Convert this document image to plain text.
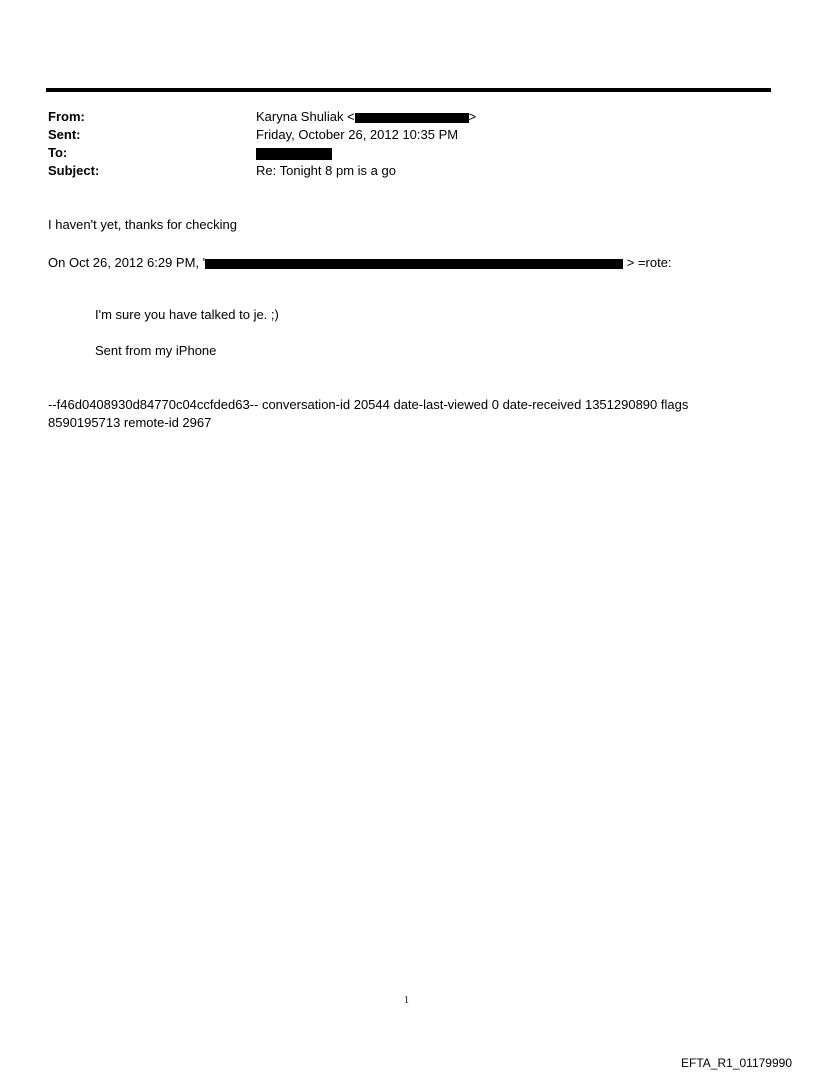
From:	Karyna Shuliak <	>
Sent:	Friday, October 26, 2012 10:35 PM
To:
Subject:	Re: Tonight 8 pm is a go
I haven't yet, thanks for checking
On Oct 26, 2012 6:29 PM, '	> =rote:
I'm sure you have talked to je. ;)
Sent from my iPhone
--f46d0408930d84770c04ccfded63-- conversation-id 20544 date-last-viewed 0 date-received 1351290890 flags
8590195713 remote-id 2967
1
EFTA_R1_01179990
